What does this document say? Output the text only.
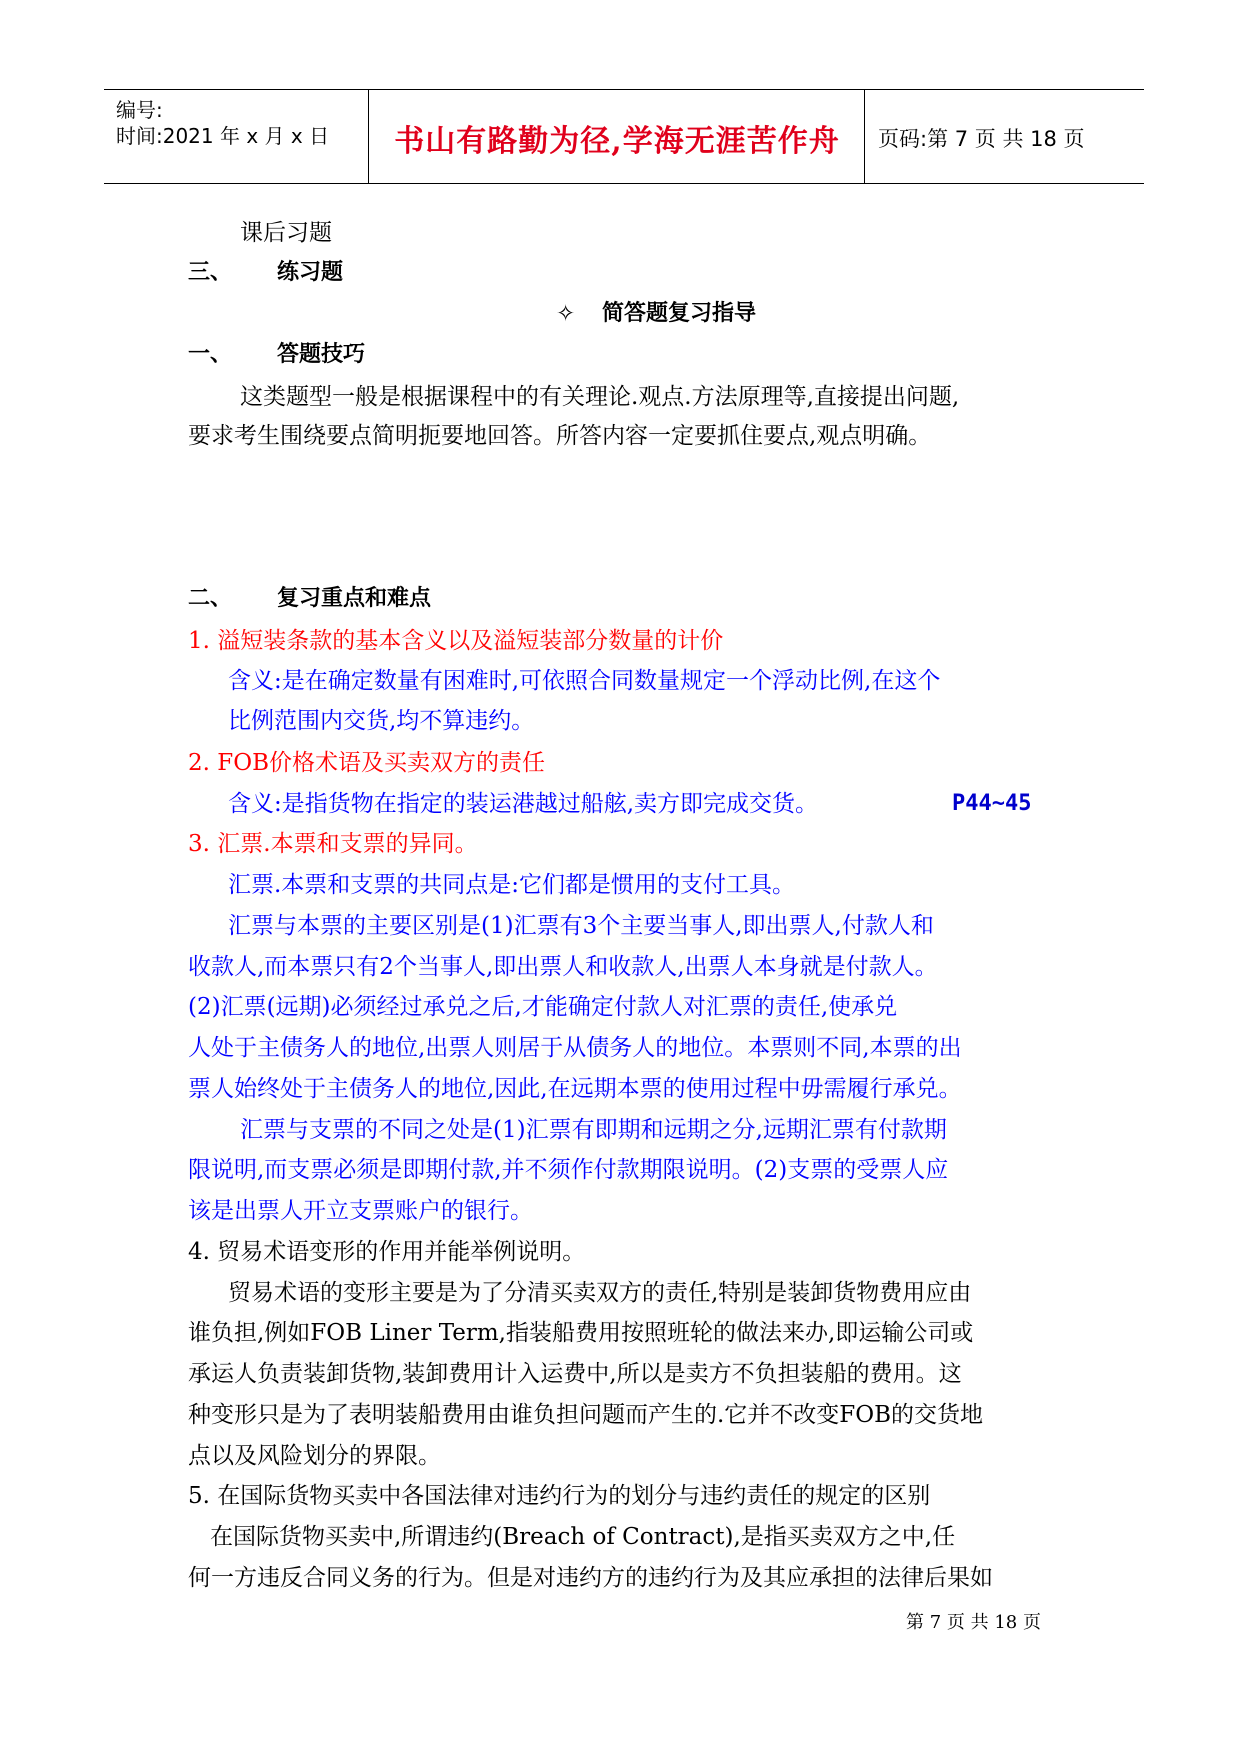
编号:
时间:2021 年 x 月 x 日	书山有路勤为径,学海无涯苦作舟	页码:第 7 页 共 18 页
课后习题
三、 练习题
✧ 简答题复习指导
一、 答题技巧
这类题型一般是根据课程中的有关理论.观点.方法原理等,直接提出问题,
要求考生围绕要点简明扼要地回答。所答内容一定要抓住要点,观点明确。
二、 复习重点和难点
1. 溢短装条款的基本含义以及溢短装部分数量的计价
含义:是在确定数量有困难时,可依照合同数量规定一个浮动比例,在这个
比例范围内交货,均不算违约。
2. FOB价格术语及买卖双方的责任
含义:是指货物在指定的装运港越过船舷,卖方即完成交货。	P44~45
3. 汇票.本票和支票的异同。
汇票.本票和支票的共同点是:它们都是惯用的支付工具。
汇票与本票的主要区别是(1)汇票有3个主要当事人,即出票人,付款人和
收款人,而本票只有2个当事人,即出票人和收款人,出票人本身就是付款人。
(2)汇票(远期)必须经过承兑之后,才能确定付款人对汇票的责任,使承兑
人处于主债务人的地位,出票人则居于从债务人的地位。本票则不同,本票的出
票人始终处于主债务人的地位,因此,在远期本票的使用过程中毋需履行承兑。
汇票与支票的不同之处是(1)汇票有即期和远期之分,远期汇票有付款期
限说明,而支票必须是即期付款,并不须作付款期限说明。(2)支票的受票人应
该是出票人开立支票账户的银行。
4. 贸易术语变形的作用并能举例说明。
贸易术语的变形主要是为了分清买卖双方的责任,特别是装卸货物费用应由
谁负担,例如FOB Liner Term,指装船费用按照班轮的做法来办,即运输公司或
承运人负责装卸货物,装卸费用计入运费中,所以是卖方不负担装船的费用。这
种变形只是为了表明装船费用由谁负担问题而产生的.它并不改变FOB的交货地
点以及风险划分的界限。
5. 在国际货物买卖中各国法律对违约行为的划分与违约责任的规定的区别
在国际货物买卖中,所谓违约(Breach of Contract),是指买卖双方之中,任
何一方违反合同义务的行为。但是对违约方的违约行为及其应承担的法律后果如
第 7 页 共 18 页
